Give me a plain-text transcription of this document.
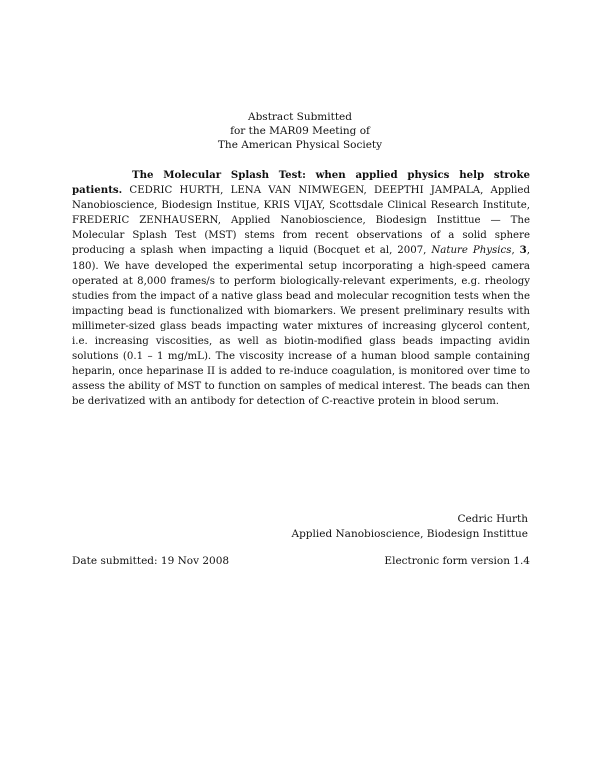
Abstract Submitted
for the MAR09 Meeting of
The American Physical Society
The Molecular Splash Test: when applied physics help stroke patients. CEDRIC HURTH, LENA VAN NIMWEGEN, DEEPTHI JAMPALA, Applied Nanobioscience, Biodesign Institue, KRIS VIJAY, Scottsdale Clinical Research Institute, FREDERIC ZENHAUSERN, Applied Nanobioscience, Biodesign Instittue — The Molecular Splash Test (MST) stems from recent observations of a solid sphere producing a splash when impacting a liquid (Bocquet et al, 2007, Nature Physics, 3, 180). We have developed the experimental setup incorporating a high-speed camera operated at 8,000 frames/s to perform biologically-relevant experiments, e.g. rheology studies from the impact of a native glass bead and molecular recognition tests when the impacting bead is functionalized with biomarkers. We present preliminary results with millimeter-sized glass beads impacting water mixtures of increasing glycerol content, i.e. increasing viscosities, as well as biotin-modified glass beads impacting avidin solutions (0.1 – 1 mg/mL). The viscosity increase of a human blood sample containing heparin, once heparinase II is added to re-induce coagulation, is monitored over time to assess the ability of MST to function on samples of medical interest. The beads can then be derivatized with an antibody for detection of C-reactive protein in blood serum.
Cedric Hurth
Applied Nanobioscience, Biodesign Instittue
Date submitted: 19 Nov 2008	Electronic form version 1.4
